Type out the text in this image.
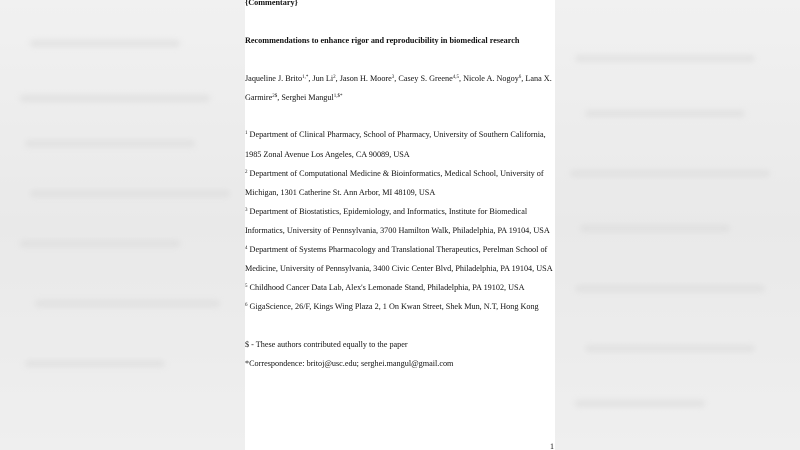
{Commentary}
Recommendations to enhance rigor and reproducibility in biomedical research
Jaqueline J. Brito$^{1,*}$, Jun Li$^2$, Jason H. Moore$^3$, Casey S. Greene$^{4,5}$, Nicole A. Nogoy$^6$, Lana X.
Garmire$^{2\$}$, Serghei Mangul$^{1,\$*}$
$^1$ Department of Clinical Pharmacy, School of Pharmacy, University of Southern California,
1985 Zonal Avenue Los Angeles, CA 90089, USA
$^2$ Department of Computational Medicine & Bioinformatics, Medical School, University of
Michigan, 1301 Catherine St. Ann Arbor, MI 48109, USA
$^3$ Department of Biostatistics, Epidemiology, and Informatics, Institute for Biomedical
Informatics, University of Pennsylvania, 3700 Hamilton Walk, Philadelphia, PA 19104, USA
$^4$ Department of Systems Pharmacology and Translational Therapeutics, Perelman School of
Medicine, University of Pennsylvania, 3400 Civic Center Blvd, Philadelphia, PA 19104, USA
$^5$ Childhood Cancer Data Lab, Alex's Lemonade Stand, Philadelphia, PA 19102, USA
$^6$ GigaScience, 26/F, Kings Wing Plaza 2, 1 On Kwan Street, Shek Mun, N.T, Hong Kong
$ - These authors contributed equally to the paper
*Correspondence: britoj@usc.edu; serghei.mangul@gmail.com
1
